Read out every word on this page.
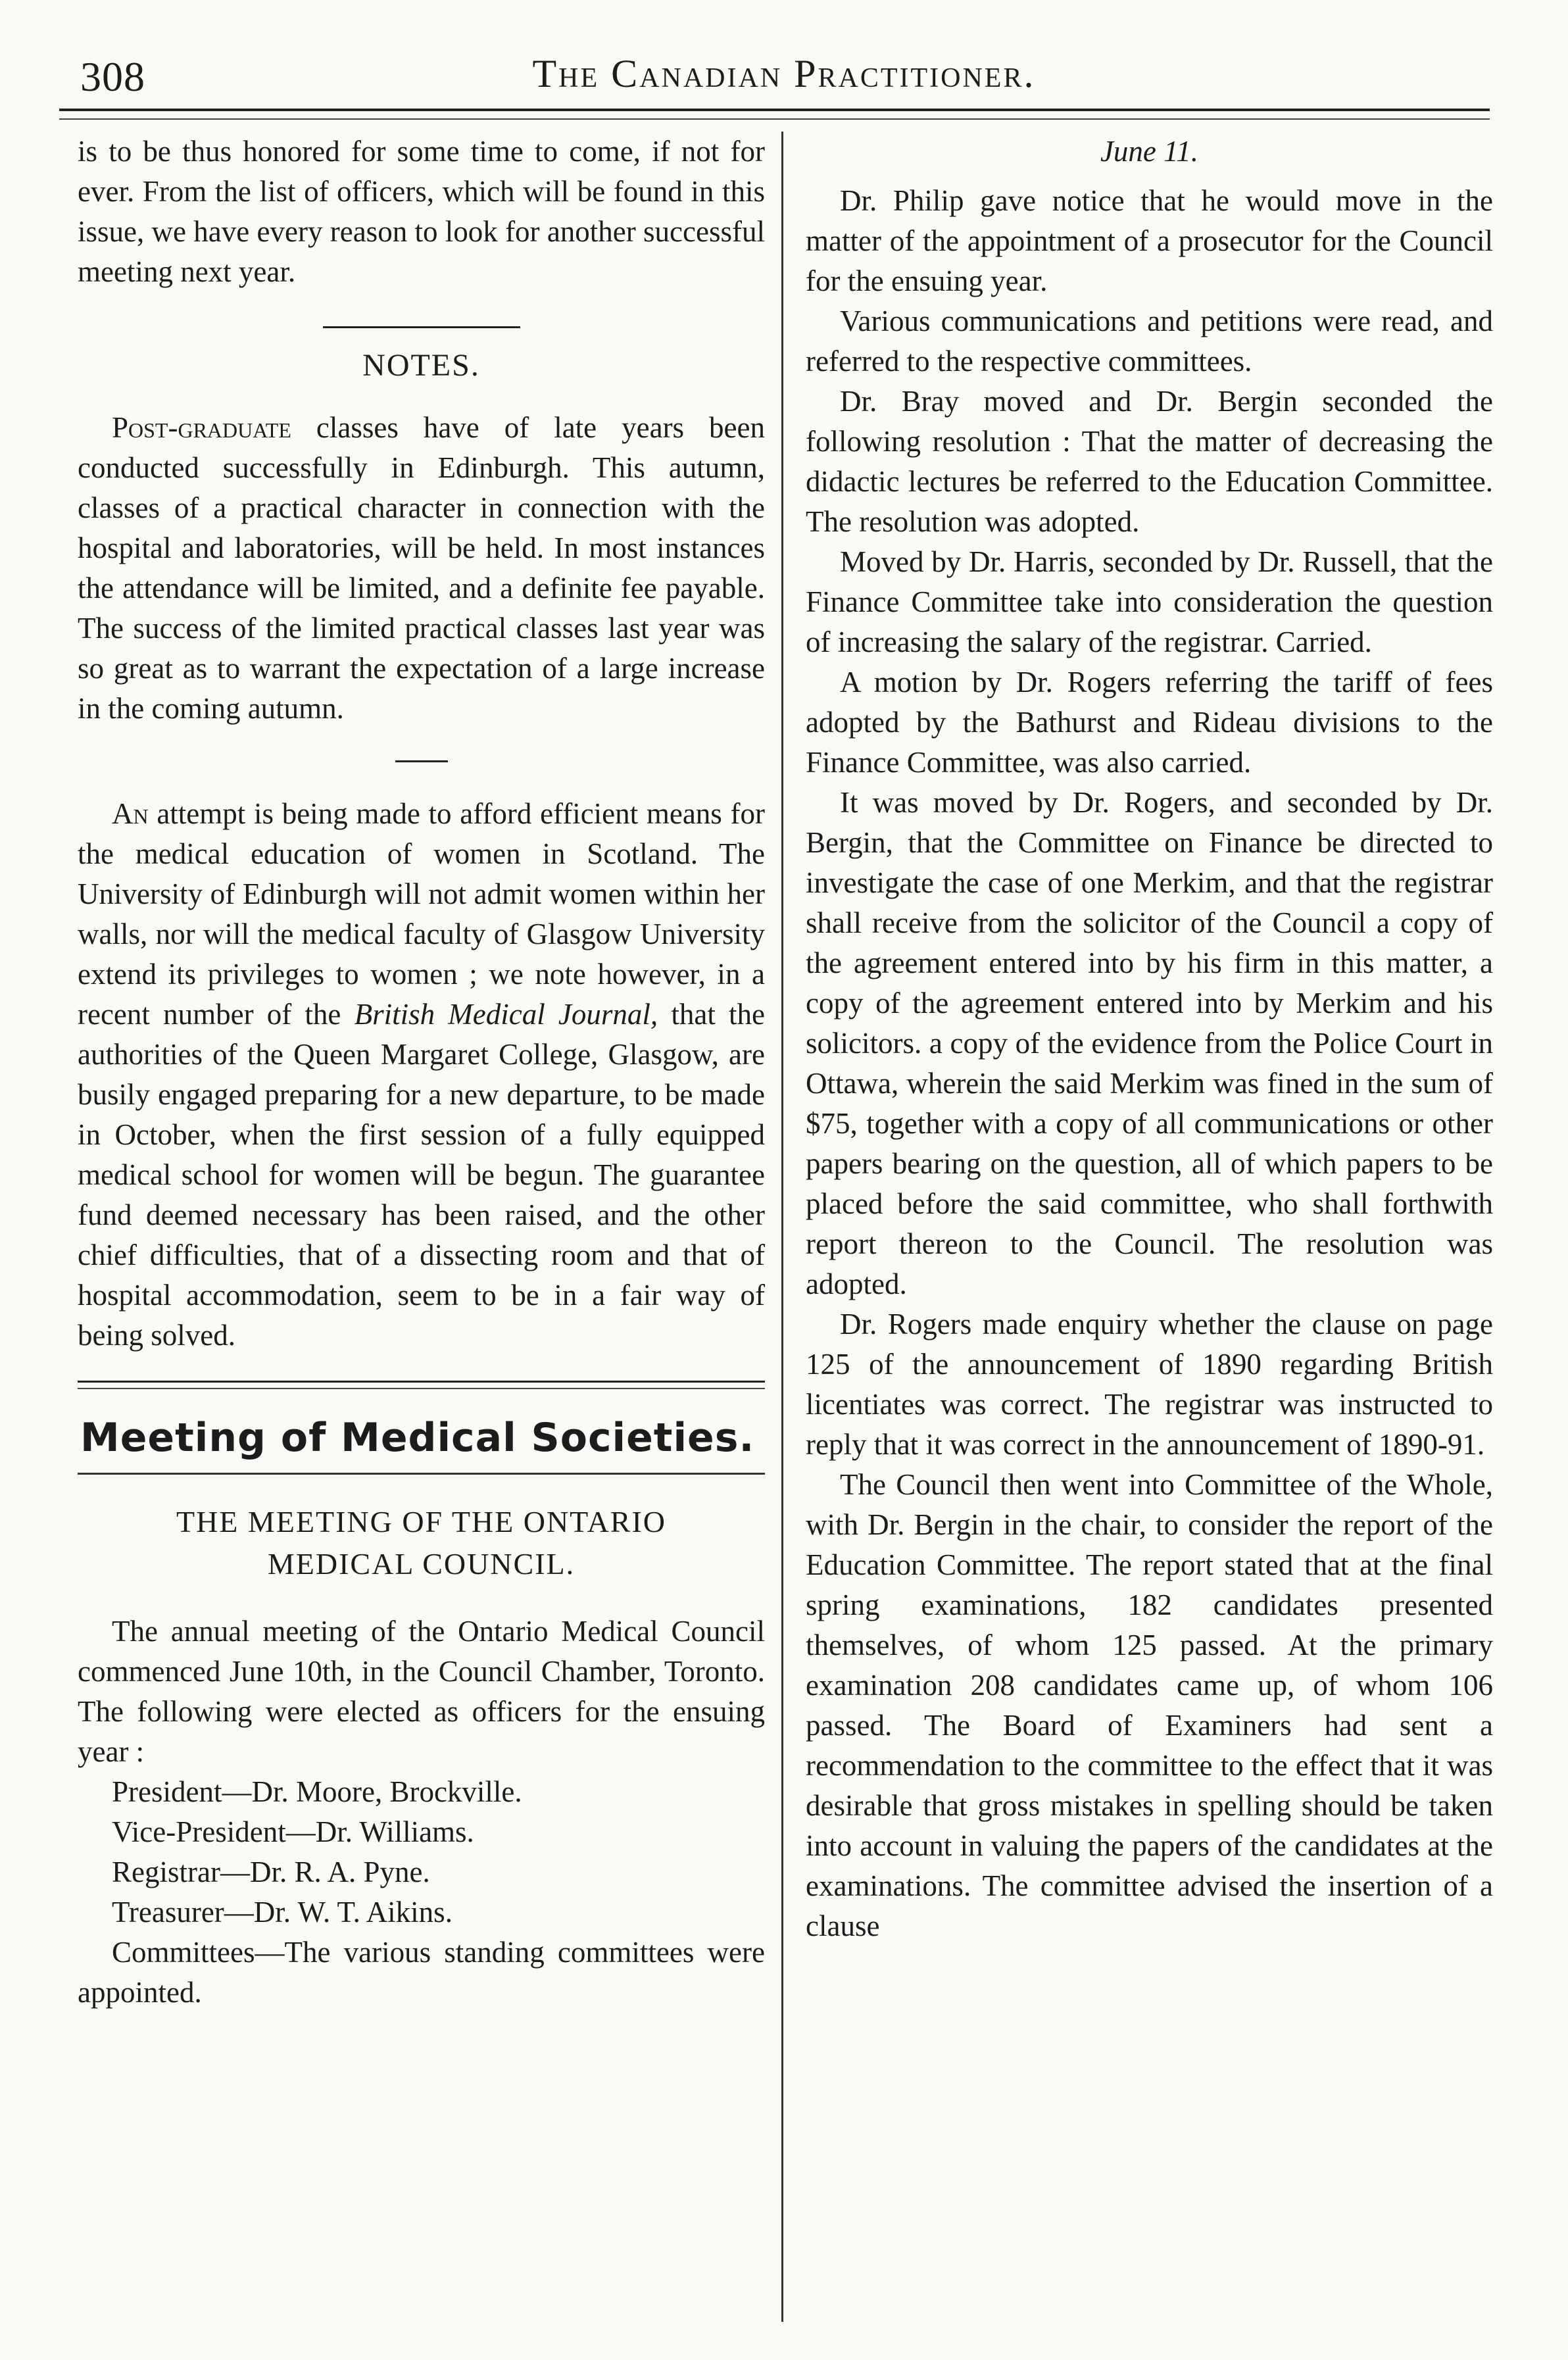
308	The Canadian Practitioner.

is to be thus honored for some time to come, if not for ever. From the list of officers, which will be found in this issue, we have every reason to look for another successful meeting next year.

NOTES.

Post-graduate classes have of late years been conducted successfully in Edinburgh. This autumn, classes of a practical character in connection with the hospital and laboratories, will be held. In most instances the attendance will be limited, and a definite fee payable. The success of the limited practical classes last year was so great as to warrant the expectation of a large increase in the coming autumn.

An attempt is being made to afford efficient means for the medical education of women in Scotland. The University of Edinburgh will not admit women within her walls, nor will the medical faculty of Glasgow University extend its privileges to women ; we note however, in a recent number of the British Medical Journal, that the authorities of the Queen Margaret College, Glasgow, are busily engaged preparing for a new departure, to be made in October, when the first session of a fully equipped medical school for women will be begun. The guarantee fund deemed necessary has been raised, and the other chief difficulties, that of a dissecting room and that of hospital accommodation, seem to be in a fair way of being solved.

Meeting of Medical Societies.
THE MEETING OF THE ONTARIO
MEDICAL COUNCIL.

The annual meeting of the Ontario Medical Council commenced June 10th, in the Council Chamber, Toronto. The following were elected as officers for the ensuing year :

President—Dr. Moore, Brockville.

Vice-President—Dr. Williams.

Registrar—Dr. R. A. Pyne.

Treasurer—Dr. W. T. Aikins.

Committees—The various standing committees were appointed.

June 11.

Dr. Philip gave notice that he would move in the matter of the appointment of a prosecutor for the Council for the ensuing year.

Various communications and petitions were read, and referred to the respective committees.

Dr. Bray moved and Dr. Bergin seconded the following resolution : That the matter of decreasing the didactic lectures be referred to the Education Committee. The resolution was adopted.

Moved by Dr. Harris, seconded by Dr. Russell, that the Finance Committee take into consideration the question of increasing the salary of the registrar. Carried.

A motion by Dr. Rogers referring the tariff of fees adopted by the Bathurst and Rideau divisions to the Finance Committee, was also carried.

It was moved by Dr. Rogers, and seconded by Dr. Bergin, that the Committee on Finance be directed to investigate the case of one Merkim, and that the registrar shall receive from the solicitor of the Council a copy of the agreement entered into by his firm in this matter, a copy of the agreement entered into by Merkim and his solicitors. a copy of the evidence from the Police Court in Ottawa, wherein the said Merkim was fined in the sum of $75, together with a copy of all communications or other papers bearing on the question, all of which papers to be placed before the said committee, who shall forthwith report thereon to the Council. The resolution was adopted.

Dr. Rogers made enquiry whether the clause on page 125 of the announcement of 1890 regarding British licentiates was correct. The registrar was instructed to reply that it was correct in the announcement of 1890-91.

The Council then went into Committee of the Whole, with Dr. Bergin in the chair, to consider the report of the Education Committee. The report stated that at the final spring examinations, 182 candidates presented themselves, of whom 125 passed. At the primary examination 208 candidates came up, of whom 106 passed. The Board of Examiners had sent a recommendation to the committee to the effect that it was desirable that gross mistakes in spelling should be taken into account in valuing the papers of the candidates at the examinations. The committee advised the insertion of a clause
